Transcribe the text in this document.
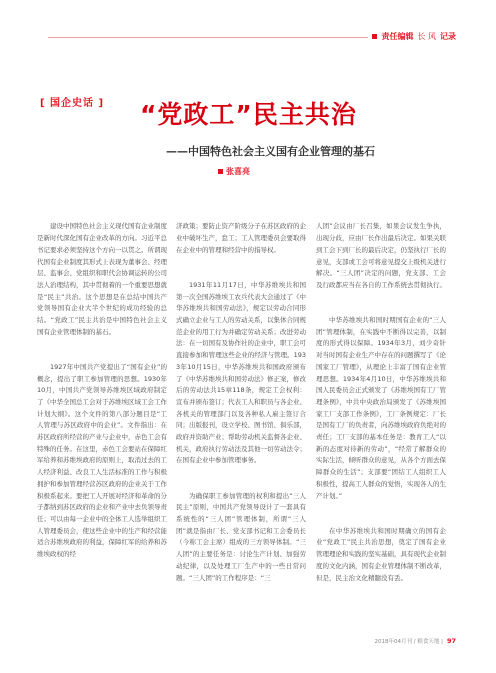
责任编辑 长 风 记录
[ 国企史话 ] “党政工”民主共治
——中国特色社会主义国有企业管理的基石
张喜亮

建设中国特色社会主义现代国有企业制度是新时代深化国有企业改革的方向。习近平总书记要求必须坚持这个方向一以贯之。所谓现代国有企业制度其形式上表现为董事会、经理层、监事会、党组织和职代会协调运转的公司法人治理结构，其中贯彻着的一个重要思想就是“民主”共治。这个思想是在总结中国共产党领导国有企业大半个世纪的成功经验的总结。“党政工”民主共治是中国特色社会主义国有企业管理体制的基石。

1927年中国共产党提出了“国有企业”的概念，提出了职工参加管理的思想。1930年10月，中国共产党领导苏维埃区域政府制定了《中华全国总工会对于苏维埃区域工会工作计划大纲》。这个文件的第八部分题目是“工人管理与苏区政府中的企业”。文件指出：在苏区政府所经营的产业与企业中，赤色工会有特殊的任务。在这里，赤色工会要站在保障红军给养和苏维埃政府的原则上，取消过去的工人经济利益、改良工人生活标准的工作与积极拥护和参加管理经营苏区政府的企业关于工作积极系起来。要把工人开展对经济和革命的分子都纳到苏区政府的企业和产业中去负领导责任；可以由每一企业中的全体工人选举组织工人管理委员会，使这些企业中的生产和经营能适合苏维埃政府的利益，保障红军的给养和苏维埃政权的经

济政策；要防止资产阶级分子在苏区政府的企业中破坏生产，怠工；工人管理委员会要取得在企业中的管理和经营中的指导权。

1931年11月17日，中华苏维埃共和国第一次全国苏维埃工农兵代表大会通过了《中华苏维埃共和国劳动法》，规定以劳动合同形式确立企业与工人的劳动关系，以集体合同规范企业的用工行为并确定劳动关系；改进劳动法：在一切国有及协作社的企业中，职工会可直接参加和管理这些企业的经济与管理。1933年10月15日，中华苏维埃共和国政府颁布了《中华苏维埃共和国劳动法》修正案，修改后的劳动法共15章118条，规定工会权利：宣布并颁布签订；代表工人和职员与各企业、各机关的管理部门以及各种私人雇主签订合同；出版报刊，设立学校、图书馆、俱乐部，政府并资助产业；帮助劳动机关监督各企业、机关，政府执行劳动法及其他一切劳动法令；在国有企业中参加管理事务。

为确保职工参加管理的权利和提出“三人民主”原则，中国共产党领导设计了一套具有系统性的“三人团”管理体制，所谓“三人团”就是指由厂长、党支部书记和工会委员长（今称工会主席）组成的三方领导体制。“三人团”的主要任务是：讨论生产计划、加强劳动纪律，以及处理工厂生产中的一些日常问题。“三人团”的工作程序是：“三

人团”会议由厂长召集，如果会议发生争执，出现分歧，应由厂长作出最后决定。如果关联到工会下到厂长的最后决定，仍坚执行厂长的意见，支部或工会可将意见提交上级机关进行解决。“三人团”决定的问题，党支部、工会及行政都应当在各自的工作系统去贯彻执行。

中华苏维埃共和国时期国有企业的“三人团”管理体制，在实践中不断得以完善，以制度的形式得以保障。1934年3月，刘少奇针对当时国有企业生产中存在的问题撰写了《论国家工厂管理》，从理论上丰富了国有企业管理思想。1934年4月10日，中华苏维埃共和国人民委员会正式颁发了《苏维埃国有工厂管理条例》，中共中央政治局颁发了《苏维埃国家工厂支部工作条例》，工厂条例规定：厂长是国有工厂的负责者，向苏维埃政府负绝对的责任；工厂支部的基本任务是：教育工人“以新的态度对待新的劳动”，“经常了解群众的实际生活，倾听群众的意见，从各个方面去保障群众的生活”；支部要“团结工人组织工人积极性，提高工人群众的觉悟，实现各人的生产计划。”

在中华苏维埃共和国时期确立的国有企业“党政工”民主共治思想，奠定了国有企业管理理论和实践的坚实基础，具有现代企业制度的文化内涵，国有企业管理体制不断改革，但是，民主治文化精髓没有丢。

2018年04月刊 / 粮食天地 | 97
